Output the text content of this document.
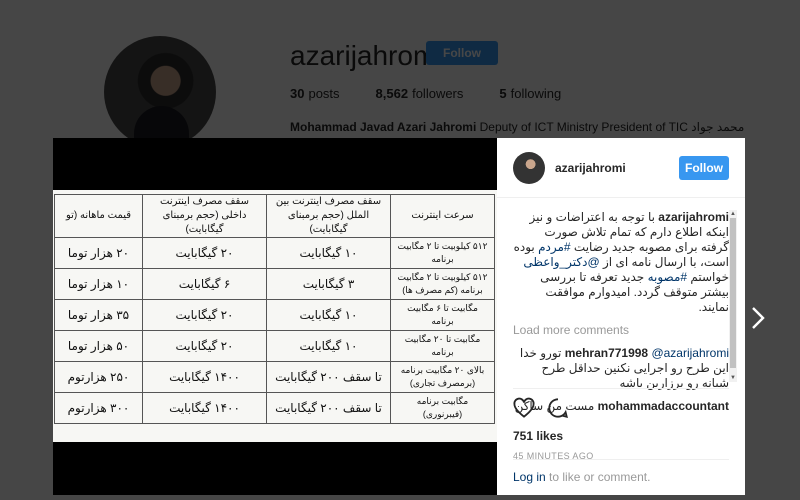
سرعت اینترنت	سقف مصرف اینترنت بین الملل (حجم برمبنای گیگابایت)	سقف مصرف اینترنت داخلی (حجم برمبنای گیگابایت)	قیمت ماهانه (تو
۵۱۲ کیلوبیت تا ۲ مگابیت برنامه	۱۰ گیگابایت	۲۰ گیگابایت	۲۰ هزار توما
۵۱۲ کیلوبیت تا ۲ مگابیت برنامه (کم مصرف ها)	۳ گیگابایت	۶ گیگابایت	۱۰ هزار توما
مگابیت تا ۶ مگابیت برنامه	۱۰ گیگابایت	۲۰ گیگابایت	۳۵ هزار توما
مگابیت تا ۲۰ مگابیت برنامه	۱۰ گیگابایت	۲۰ گیگابایت	۵۰ هزار توما
بالای ۲۰ مگابیت برنامه (برمصرف تجاری)	تا سقف ۲۰۰ گیگابایت	۱۴۰۰ گیگابایت	۲۵۰ هزارتوم
مگابیت برنامه (فیبرنوری)	تا سقف ۲۰۰ گیگابایت	۱۴۰۰ گیگابایت	۳۰۰ هزارتوم
azarijahromi	Follow
azarijahromi با توجه به اعتراضات و نیز اینکه اطلاع دارم که تمام تلاش صورت گرفته برای مصوبه جدید رضایت #مردم بوده است، با ارسال نامه ای از @دکتر_واعظی خواستم #مصوبه جدید تعرفه تا بررسی بیشتر متوقف گردد. امیدوارم موافقت نمایند.
Load more comments
mehran771998 @azarijahromi تورو خدا این طرح رو اجرایی نکنین حداقل طرح شبانه رو برزارین باشه
mohammadaccountant مست من ساکن
▲
▼
751 likes
45 MINUTES AGO
Log in to like or comment.
